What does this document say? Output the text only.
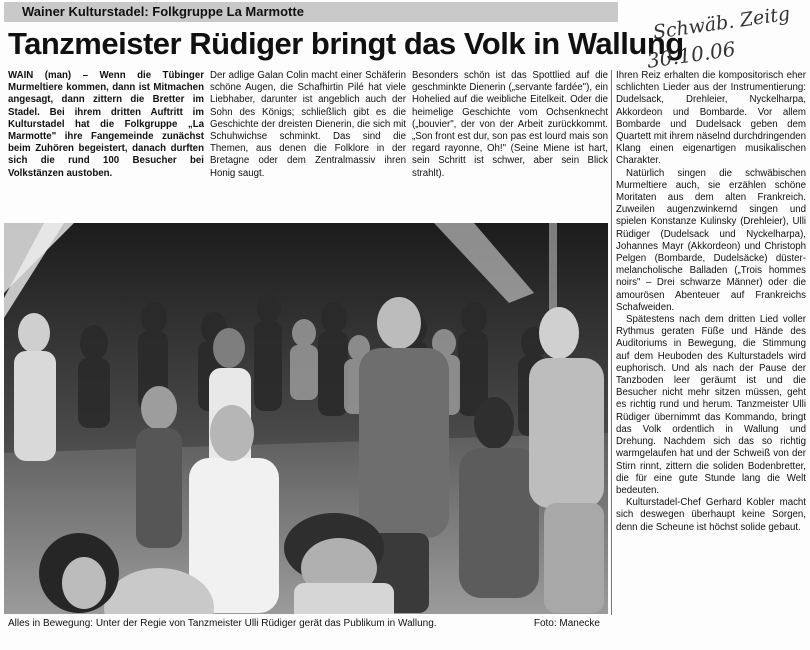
Wainer Kulturstadel: Folkgruppe La Marmotte
Tanzmeister Rüdiger bringt das Volk in Wallung
Schwäb. Zeitg
30.10.06

WAIN (man) – Wenn die Tübinger Murmeltiere kommen, dann ist Mitmachen angesagt, dann zittern die Bretter im Stadel. Bei ihrem dritten Auftritt im Kulturstadel hat die Folkgruppe „La Marmotte" ihre Fangemeinde zunächst beim Zuhören begeistert, danach durften sich die rund 100 Besucher bei Volkstänzen austoben.

Der adlige Galan Colin macht einer Schäferin schöne Augen, die Schafhirtin Pilé hat viele Liebhaber, darunter ist angeblich auch der Sohn des Königs; schließlich gibt es die Geschichte der dreisten Dienerin, die sich mit Schuhwichse schminkt. Das sind die Themen, aus denen die Folklore in der Bretagne oder dem Zentralmassiv ihren Honig saugt.

Besonders schön ist das Spottlied auf die geschminkte Dienerin („servante fardée"), ein Hohelied auf die weibliche Eitelkeit. Oder die heimelige Geschichte vom Ochsenknecht („bouvier", der von der Arbeit zurückkommt. „Son front est dur, son pas est lourd mais son regard rayonne, Oh!" (Seine Miene ist hart, sein Schritt ist schwer, aber sein Blick strahlt).

Ihren Reiz erhalten die kompositorisch eher schlichten Lieder aus der Instrumentierung: Dudelsack, Drehleier, Nyckelharpa, Akkordeon und Bombarde. Vor allem Bombarde und Dudelsack geben dem Quartett mit ihrem näselnd durchdringenden Klang einen eigenartigen musikalischen Charakter.

Natürlich singen die schwäbischen Murmeltiere auch, sie erzählen schöne Moritaten aus dem alten Frankreich. Zuweilen augenzwinkernd singen und spielen Konstanze Kulinsky (Drehleier), Ulli Rüdiger (Dudelsack und Nyckelharpa), Johannes Mayr (Akkordeon) und Christoph Pelgen (Bombarde, Dudelsäcke) düster-melancholische Balladen („Trois hommes noirs" – Drei schwarze Männer) oder die amourösen Abenteuer auf Frankreichs Schafweiden.

Spätestens nach dem dritten Lied voller Rythmus geraten Füße und Hände des Auditoriums in Bewegung, die Stimmung auf dem Heuboden des Kulturstadels wird euphorisch. Und als nach der Pause der Tanzboden leer geräumt ist und die Besucher nicht mehr sitzen müssen, geht es richtig rund und herum. Tanzmeister Ulli Rüdiger übernimmt das Kommando, bringt das Volk ordentlich in Wallung und Drehung. Nachdem sich das so richtig warmgelaufen hat und der Schweiß von der Stirn rinnt, zittern die soliden Bodenbretter, die für eine gute Stunde lang die Welt bedeuten.

Kulturstadel-Chef Gerhard Kobler macht sich deswegen überhaupt keine Sorgen, denn die Scheune ist höchst solide gebaut.

Alles in Bewegung: Unter der Regie von Tanzmeister Ulli Rüdiger gerät das Publikum in Wallung.	Foto: Manecke
